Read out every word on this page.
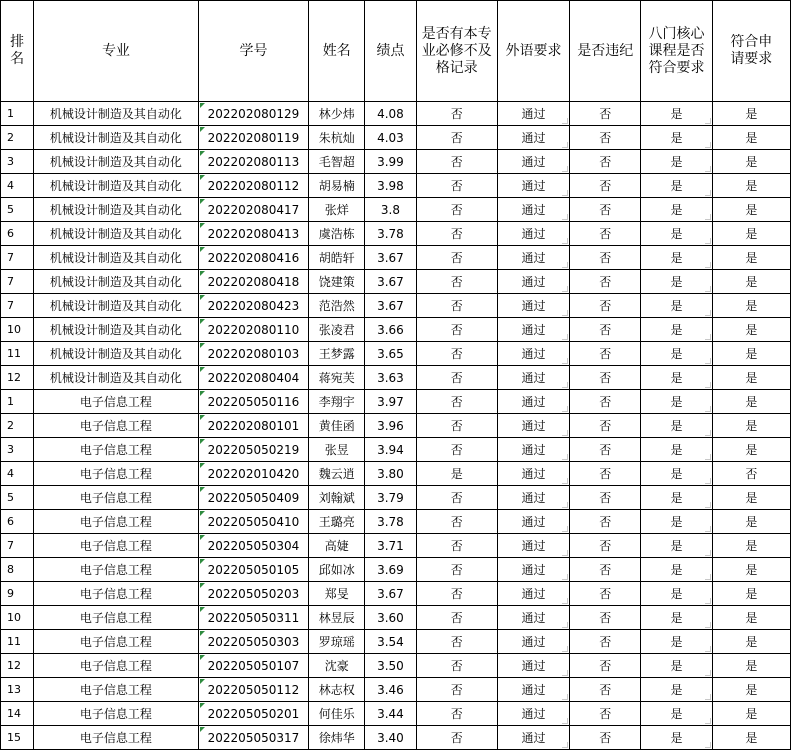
排名	专业	学号	姓名	绩点	是否有本专业必修不及格记录	外语要求	是否违纪	八门核心课程是否符合要求	符合申请要求
1	机械设计制造及其自动化	202202080129	林少炜	4.08	否	通过	否	是	是
2	机械设计制造及其自动化	202202080119	朱杭灿	4.03	否	通过	否	是	是
3	机械设计制造及其自动化	202202080113	毛智超	3.99	否	通过	否	是	是
4	机械设计制造及其自动化	202202080112	胡易楠	3.98	否	通过	否	是	是
5	机械设计制造及其自动化	202202080417	张烊	3.8	否	通过	否	是	是
6	机械设计制造及其自动化	202202080413	虞浩栋	3.78	否	通过	否	是	是
7	机械设计制造及其自动化	202202080416	胡皓轩	3.67	否	通过	否	是	是
7	机械设计制造及其自动化	202202080418	饶建策	3.67	否	通过	否	是	是
7	机械设计制造及其自动化	202202080423	范浩然	3.67	否	通过	否	是	是
10	机械设计制造及其自动化	202202080110	张凌君	3.66	否	通过	否	是	是
11	机械设计制造及其自动化	202202080103	王梦露	3.65	否	通过	否	是	是
12	机械设计制造及其自动化	202202080404	蒋宛芙	3.63	否	通过	否	是	是
1	电子信息工程	202205050116	李翔宇	3.97	否	通过	否	是	是
2	电子信息工程	202202080101	黄佳函	3.96	否	通过	否	是	是
3	电子信息工程	202205050219	张昱	3.94	否	通过	否	是	是
4	电子信息工程	202202010420	魏云逍	3.80	是	通过	否	是	否
5	电子信息工程	202205050409	刘翰斌	3.79	否	通过	否	是	是
6	电子信息工程	202205050410	王璐亮	3.78	否	通过	否	是	是
7	电子信息工程	202205050304	高婕	3.71	否	通过	否	是	是
8	电子信息工程	202205050105	邱如冰	3.69	否	通过	否	是	是
9	电子信息工程	202205050203	郑旻	3.67	否	通过	否	是	是
10	电子信息工程	202205050311	林昱辰	3.60	否	通过	否	是	是
11	电子信息工程	202205050303	罗琼瑶	3.54	否	通过	否	是	是
12	电子信息工程	202205050107	沈豪	3.50	否	通过	否	是	是
13	电子信息工程	202205050112	林志权	3.46	否	通过	否	是	是
14	电子信息工程	202205050201	何佳乐	3.44	否	通过	否	是	是
15	电子信息工程	202205050317	徐炜华	3.40	否	通过	否	是	是
